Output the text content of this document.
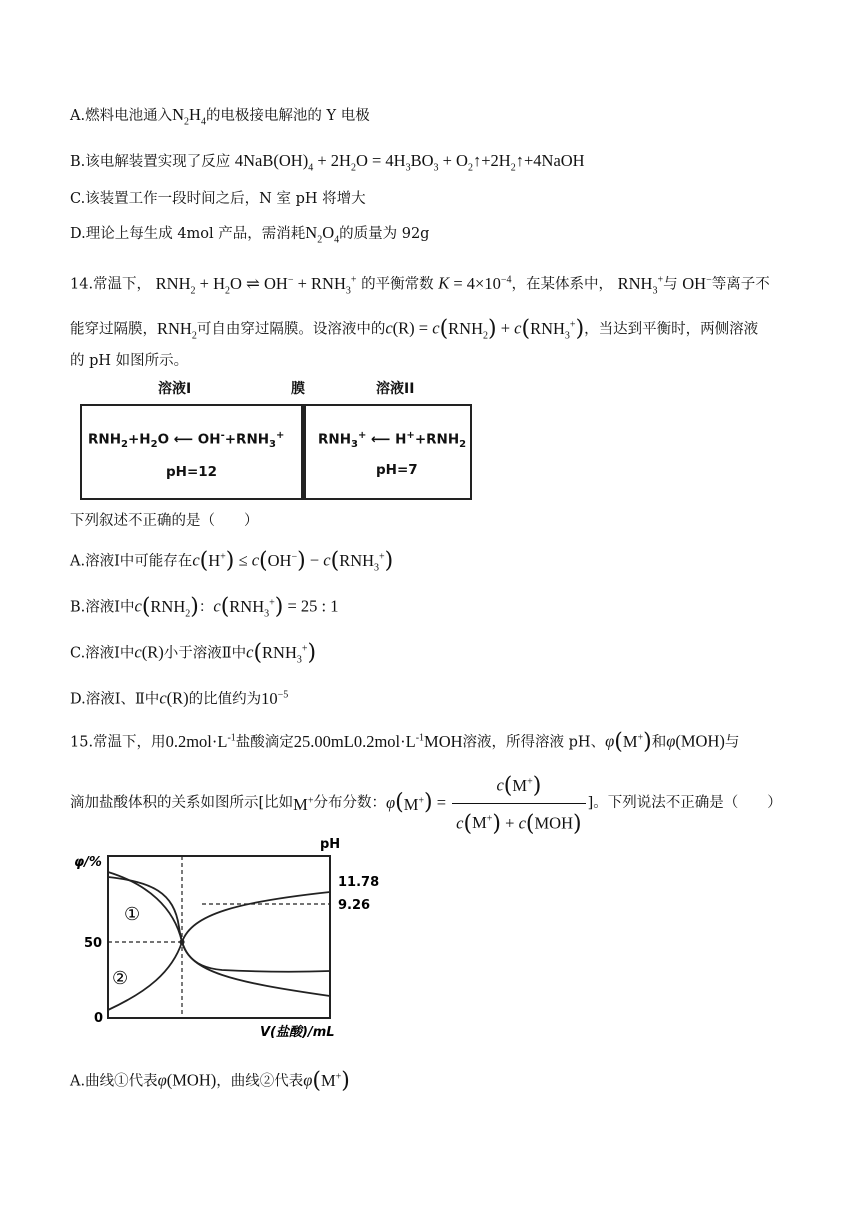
A.燃料电池通入$N_2H_4$的电极接电解池的 Y 电极
B.该电解装置实现了反应 $4NaB(OH)_4 + 2H_2O = 4H_3BO_3$ + $O_2↑+2H_2↑+4NaOH$
C.该装置工作一段时间之后，N 室 pH 将增大
D.理论上每生成 4mol 产品，需消耗$N_2O_4$的质量为 92g
14.常温下， $RNH_2 + H_2O$ ⇌ $OH^- + RNH_3^+$ 的平衡常数 $K = 4\times 10^{-4}$，在某体系中， $RNH_3^+$与 OH−等离子不
能穿过隔膜，$RNH_2$可自由穿过隔膜。设溶液中的$c(R) = c(RNH_2) + c(RNH_3^+)$，当达到平衡时，两侧溶液
的 pH 如图所示。
溶液I	膜	溶液II
$RNH_2+H_2O$ ⟵ $OH^-+RNH_3^+$
pH=12
$RNH_3^+$ ⟵ $H^++RNH_2$
pH=7
下列叙述不正确的是（　　）
A.溶液Ⅰ中可能存在$c(H^+) \le c(OH^-) - c(RNH_3^+)$
B.溶液Ⅰ中$c(RNH_2)$：$c(RNH_3^+) = 25$ : 1
C.溶液Ⅰ中c(R)小于溶液Ⅱ中$c(RNH_3^+)$
D.溶液Ⅰ、Ⅱ中c(R)的比值约为$10^{-5}$
15.常温下，用$0.2mol\cdot L^{-1}$盐酸滴定$25.00mL0.2mol\cdot L^{-1}MOH$溶液，所得溶液 pH、φ(M+)和φ(MOH)与
滴加盐酸体积的关系如图所示[比如M+分布分数：$\varphi(M^+) = \frac{c(M^+)}{c(M^+) + c(MOH)}$ ]。下列说法不正确是（　　）
φ/%
pH
50
0
11.78
9.26
①
②
V(盐酸)/mL
A.曲线①代表φ(MOH)，曲线②代表φ(M+)
